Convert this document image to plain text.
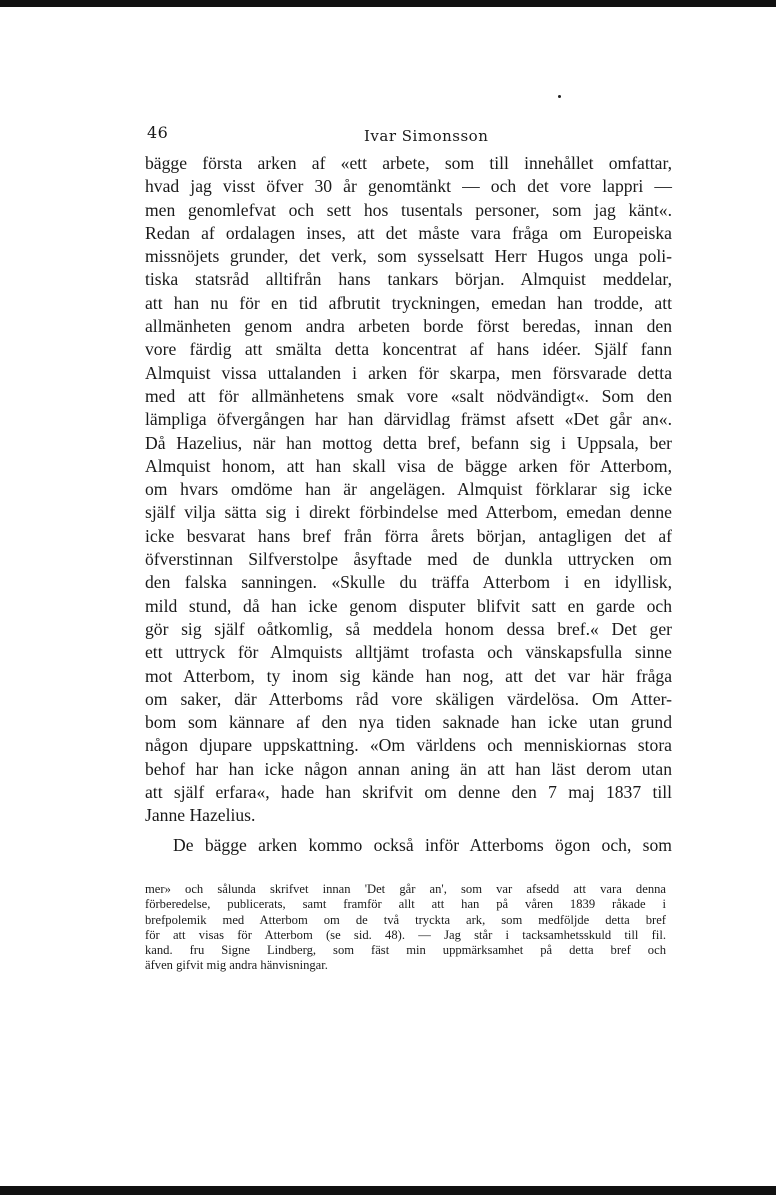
46	Ivar Simonsson
bägge första arken af «ett arbete, som till innehållet omfattar,
hvad jag visst öfver 30 år genomtänkt — och det vore lappri —
men genomlefvat och sett hos tusentals personer, som jag känt«.
Redan af ordalagen inses, att det måste vara fråga om Europeiska
missnöjets grunder, det verk, som sysselsatt Herr Hugos unga poli-
tiska statsråd alltifrån hans tankars början. Almquist meddelar,
att han nu för en tid afbrutit tryckningen, emedan han trodde, att
allmänheten genom andra arbeten borde först beredas, innan den
vore färdig att smälta detta koncentrat af hans idéer. Själf fann
Almquist vissa uttalanden i arken för skarpa, men försvarade detta
med att för allmänhetens smak vore «salt nödvändigt«. Som den
lämpliga öfvergången har han därvidlag främst afsett «Det går an«.
Då Hazelius, när han mottog detta bref, befann sig i Uppsala, ber
Almquist honom, att han skall visa de bägge arken för Atterbom,
om hvars omdöme han är angelägen. Almquist förklarar sig icke
själf vilja sätta sig i direkt förbindelse med Atterbom, emedan denne
icke besvarat hans bref från förra årets början, antagligen det af
öfverstinnan Silfverstolpe åsyftade med de dunkla uttrycken om
den falska sanningen. «Skulle du träffa Atterbom i en idyllisk,
mild stund, då han icke genom disputer blifvit satt en garde och
gör sig själf oåtkomlig, så meddela honom dessa bref.« Det ger
ett uttryck för Almquists alltjämt trofasta och vänskapsfulla sinne
mot Atterbom, ty inom sig kände han nog, att det var här fråga
om saker, där Atterboms råd vore skäligen värdelösa. Om Atter-
bom som kännare af den nya tiden saknade han icke utan grund
någon djupare uppskattning. «Om världens och menniskiornas stora
behof har han icke någon annan aning än att han läst derom utan
att själf erfara«, hade han skrifvit om denne den 7 maj 1837 till
Janne Hazelius.
De bägge arken kommo också inför Atterboms ögon och, som
mer» och sålunda skrifvet innan 'Det går an', som var afsedd att vara denna
förberedelse, publicerats, samt framför allt att han på våren 1839 råkade i
brefpolemik med Atterbom om de två tryckta ark, som medföljde detta bref
för att visas för Atterbom (se sid. 48). — Jag står i tacksamhetsskuld till fil.
kand. fru Signe Lindberg, som fäst min uppmärksamhet på detta bref och
äfven gifvit mig andra hänvisningar.
